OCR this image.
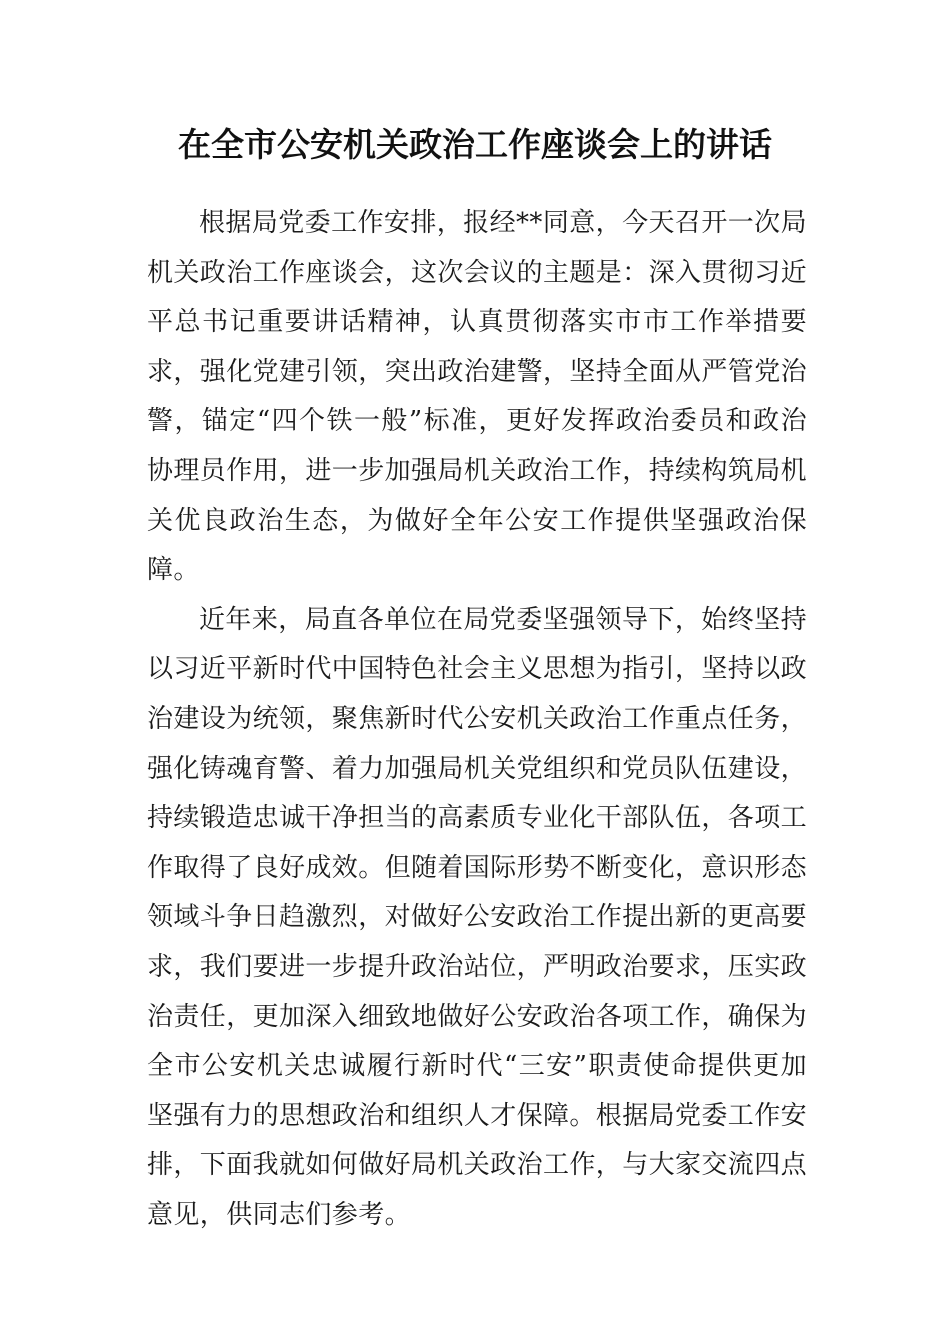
在全市公安机关政治工作座谈会上的讲话

根据局党委工作安排，报经**同意，今天召开一次局机关政治工作座谈会，这次会议的主题是：深入贯彻习近平总书记重要讲话精神，认真贯彻落实市市工作举措要求，强化党建引领，突出政治建警，坚持全面从严管党治警，锚定“四个铁一般”标准，更好发挥政治委员和政治协理员作用，进一步加强局机关政治工作，持续构筑局机关优良政治生态，为做好全年公安工作提供坚强政治保障。

近年来，局直各单位在局党委坚强领导下，始终坚持以习近平新时代中国特色社会主义思想为指引，坚持以政治建设为统领，聚焦新时代公安机关政治工作重点任务，强化铸魂育警、着力加强局机关党组织和党员队伍建设，持续锻造忠诚干净担当的高素质专业化干部队伍，各项工作取得了良好成效。但随着国际形势不断变化，意识形态领域斗争日趋激烈，对做好公安政治工作提出新的更高要求，我们要进一步提升政治站位，严明政治要求，压实政治责任，更加深入细致地做好公安政治各项工作，确保为全市公安机关忠诚履行新时代“三安”职责使命提供更加坚强有力的思想政治和组织人才保障。根据局党委工作安排，下面我就如何做好局机关政治工作，与大家交流四点意见，供同志们参考。
